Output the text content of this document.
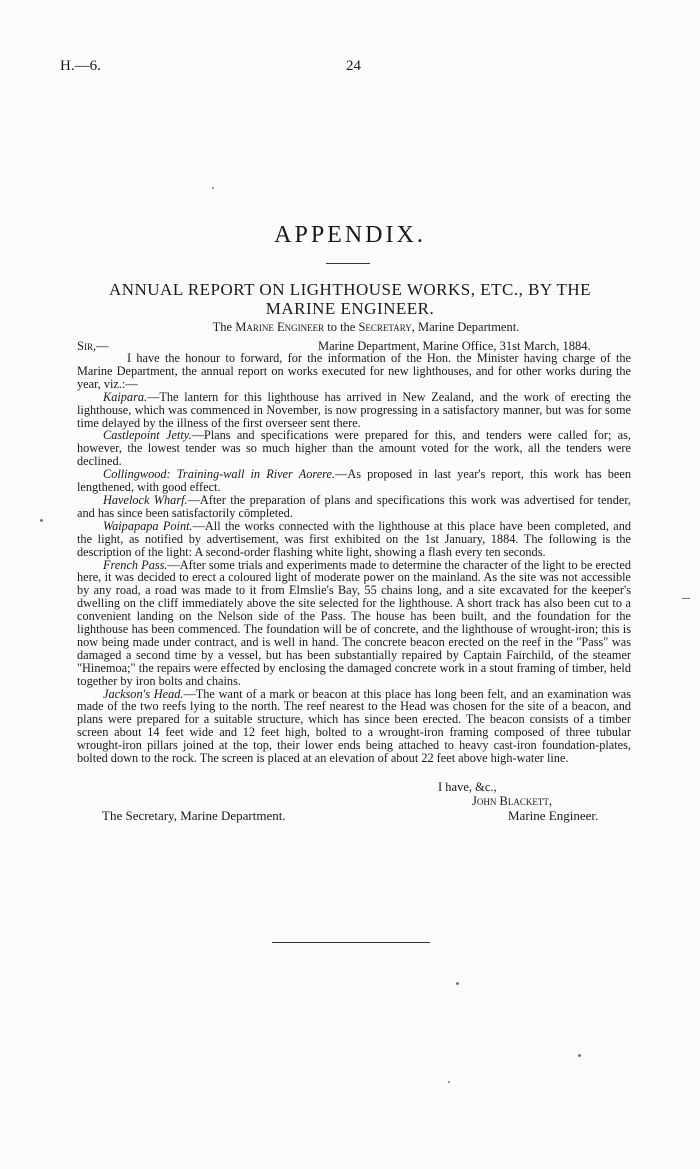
H.—6.	24
APPENDIX.
ANNUAL REPORT ON LIGHTHOUSE WORKS, ETC., BY THE MARINE ENGINEER.
The Marine Engineer to the Secretary, Marine Department.
Sir,—	Marine Department, Marine Office, 31st March, 1884.

I have the honour to forward, for the information of the Hon. the Minister having charge of the Marine Department, the annual report on works executed for new lighthouses, and for other works during the year, viz.:—

Kaipara.—The lantern for this lighthouse has arrived in New Zealand, and the work of erecting the lighthouse, which was commenced in November, is now progressing in a satisfactory manner, but was for some time delayed by the illness of the first overseer sent there.

Castlepoint Jetty.—Plans and specifications were prepared for this, and tenders were called for; as, however, the lowest tender was so much higher than the amount voted for the work, all the tenders were declined.

Collingwood: Training-wall in River Aorere.—As proposed in last year's report, this work has been lengthened, with good effect.

Havelock Wharf.—After the preparation of plans and specifications this work was advertised for tender, and has since been satisfactorily cōmpleted.

Waipapapa Point.—All the works connected with the lighthouse at this place have been completed, and the light, as notified by advertisement, was first exhibited on the 1st January, 1884. The following is the description of the light: A second-order flashing white light, showing a flash every ten seconds.

French Pass.—After some trials and experiments made to determine the character of the light to be erected here, it was decided to erect a coloured light of moderate power on the mainland. As the site was not accessible by any road, a road was made to it from Elmslie's Bay, 55 chains long, and a site excavated for the keeper's dwelling on the cliff immediately above the site selected for the lighthouse. A short track has also been cut to a convenient landing on the Nelson side of the Pass. The house has been built, and the foundation for the lighthouse has been commenced. The foundation will be of concrete, and the lighthouse of wrought-iron; this is now being made under contract, and is well in hand. The concrete beacon erected on the reef in the "Pass" was damaged a second time by a vessel, but has been substantially repaired by Captain Fairchild, of the steamer "Hinemoa;" the repairs were effected by enclosing the damaged concrete work in a stout framing of timber, held together by iron bolts and chains.

Jackson's Head.—The want of a mark or beacon at this place has long been felt, and an examination was made of the two reefs lying to the north. The reef nearest to the Head was chosen for the site of a beacon, and plans were prepared for a suitable structure, which has since been erected. The beacon consists of a timber screen about 14 feet wide and 12 feet high, bolted to a wrought-iron framing composed of three tubular wrought-iron pillars joined at the top, their lower ends being attached to heavy cast-iron foundation-plates, bolted down to the rock. The screen is placed at an elevation of about 22 feet above high-water line.

I have, &c.,
John Blackett,
The Secretary, Marine Department.	Marine Engineer.
